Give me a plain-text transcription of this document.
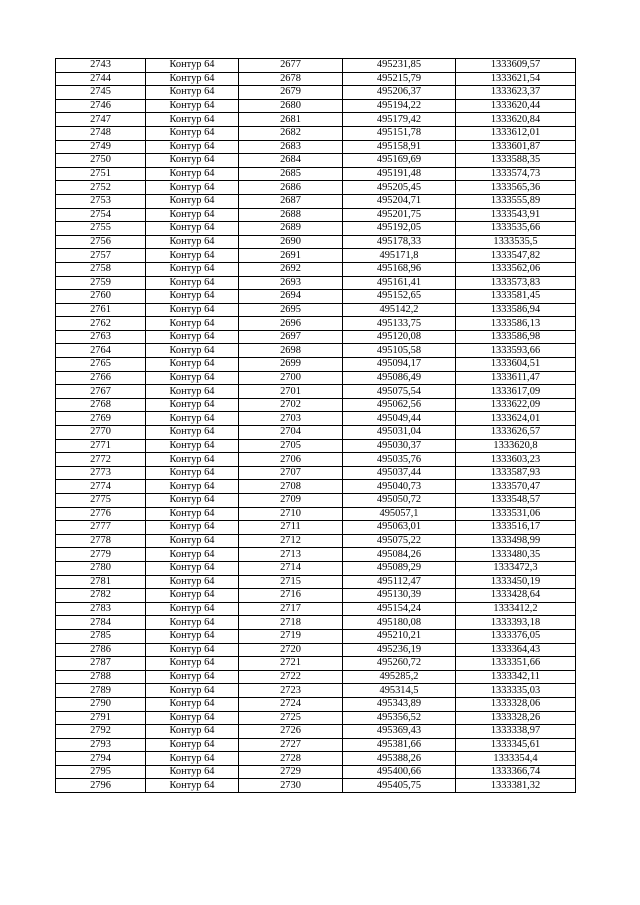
2743	Контур 64	2677	495231,85	1333609,57
2744	Контур 64	2678	495215,79	1333621,54
2745	Контур 64	2679	495206,37	1333623,37
2746	Контур 64	2680	495194,22	1333620,44
2747	Контур 64	2681	495179,42	1333620,84
2748	Контур 64	2682	495151,78	1333612,01
2749	Контур 64	2683	495158,91	1333601,87
2750	Контур 64	2684	495169,69	1333588,35
2751	Контур 64	2685	495191,48	1333574,73
2752	Контур 64	2686	495205,45	1333565,36
2753	Контур 64	2687	495204,71	1333555,89
2754	Контур 64	2688	495201,75	1333543,91
2755	Контур 64	2689	495192,05	1333535,66
2756	Контур 64	2690	495178,33	1333535,5
2757	Контур 64	2691	495171,8	1333547,82
2758	Контур 64	2692	495168,96	1333562,06
2759	Контур 64	2693	495161,41	1333573,83
2760	Контур 64	2694	495152,65	1333581,45
2761	Контур 64	2695	495142,2	1333586,94
2762	Контур 64	2696	495133,75	1333586,13
2763	Контур 64	2697	495120,08	1333586,98
2764	Контур 64	2698	495105,58	1333593,66
2765	Контур 64	2699	495094,17	1333604,51
2766	Контур 64	2700	495086,49	1333611,47
2767	Контур 64	2701	495075,54	1333617,09
2768	Контур 64	2702	495062,56	1333622,09
2769	Контур 64	2703	495049,44	1333624,01
2770	Контур 64	2704	495031,04	1333626,57
2771	Контур 64	2705	495030,37	1333620,8
2772	Контур 64	2706	495035,76	1333603,23
2773	Контур 64	2707	495037,44	1333587,93
2774	Контур 64	2708	495040,73	1333570,47
2775	Контур 64	2709	495050,72	1333548,57
2776	Контур 64	2710	495057,1	1333531,06
2777	Контур 64	2711	495063,01	1333516,17
2778	Контур 64	2712	495075,22	1333498,99
2779	Контур 64	2713	495084,26	1333480,35
2780	Контур 64	2714	495089,29	1333472,3
2781	Контур 64	2715	495112,47	1333450,19
2782	Контур 64	2716	495130,39	1333428,64
2783	Контур 64	2717	495154,24	1333412,2
2784	Контур 64	2718	495180,08	1333393,18
2785	Контур 64	2719	495210,21	1333376,05
2786	Контур 64	2720	495236,19	1333364,43
2787	Контур 64	2721	495260,72	1333351,66
2788	Контур 64	2722	495285,2	1333342,11
2789	Контур 64	2723	495314,5	1333335,03
2790	Контур 64	2724	495343,89	1333328,06
2791	Контур 64	2725	495356,52	1333328,26
2792	Контур 64	2726	495369,43	1333338,97
2793	Контур 64	2727	495381,66	1333345,61
2794	Контур 64	2728	495388,26	1333354,4
2795	Контур 64	2729	495400,66	1333366,74
2796	Контур 64	2730	495405,75	1333381,32
